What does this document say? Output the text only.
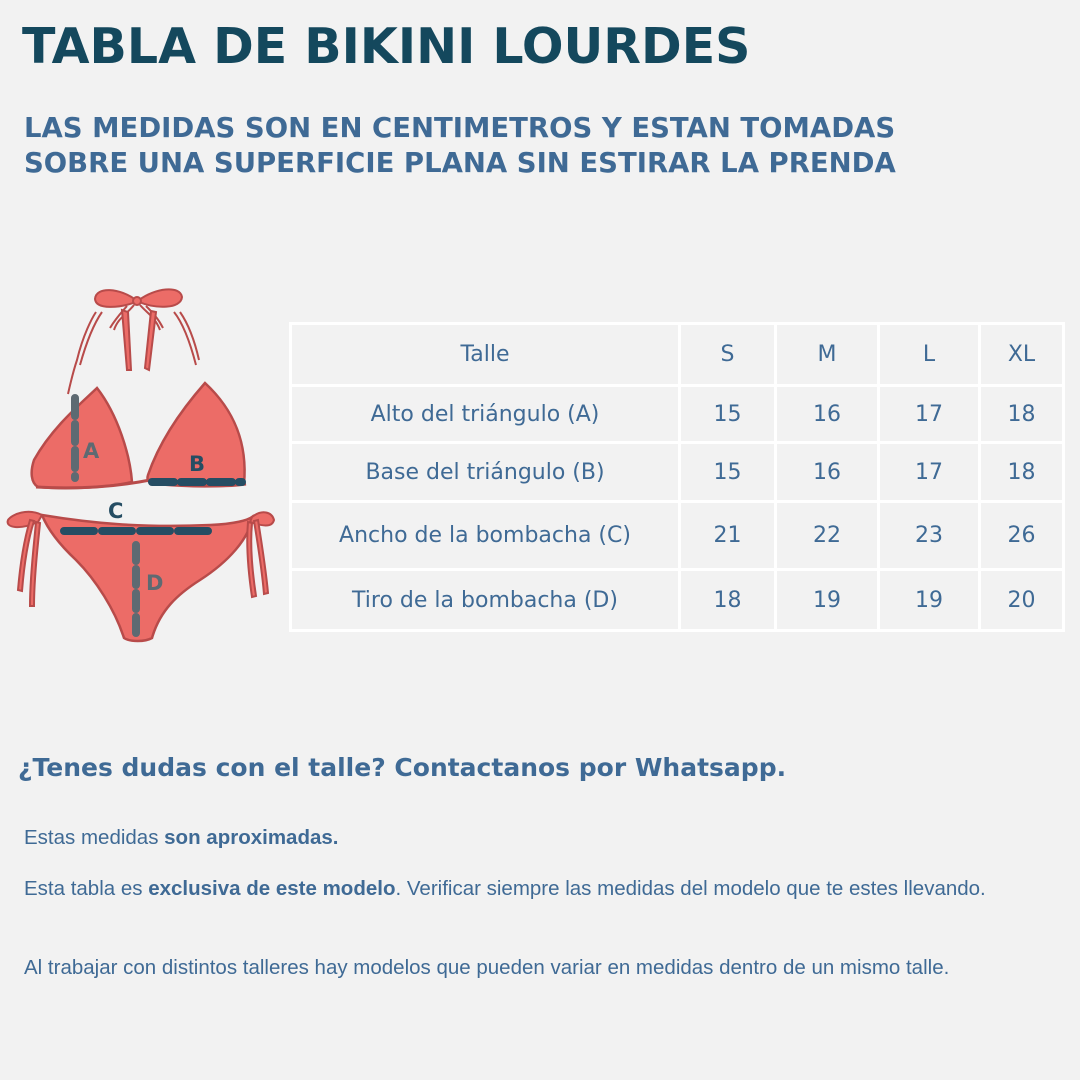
TABLA DE BIKINI LOURDES
LAS MEDIDAS SON EN CENTIMETROS Y ESTAN TOMADAS
SOBRE UNA SUPERFICIE PLANA SIN ESTIRAR LA PRENDA
A
B
C
D
Talle	S	M	L	XL
Alto del triángulo (A)	15	16	17	18
Base del triángulo (B)	15	16	17	18
Ancho de la bombacha (C)	21	22	23	26
Tiro de la bombacha (D)	18	19	19	20

¿Tenes dudas con el talle? Contactanos por Whatsapp.

Estas medidas son aproximadas.

Esta tabla es exclusiva de este modelo. Verificar siempre las medidas del modelo que te estes llevando.

Al trabajar con distintos talleres hay modelos que pueden variar en medidas dentro de un mismo talle.
